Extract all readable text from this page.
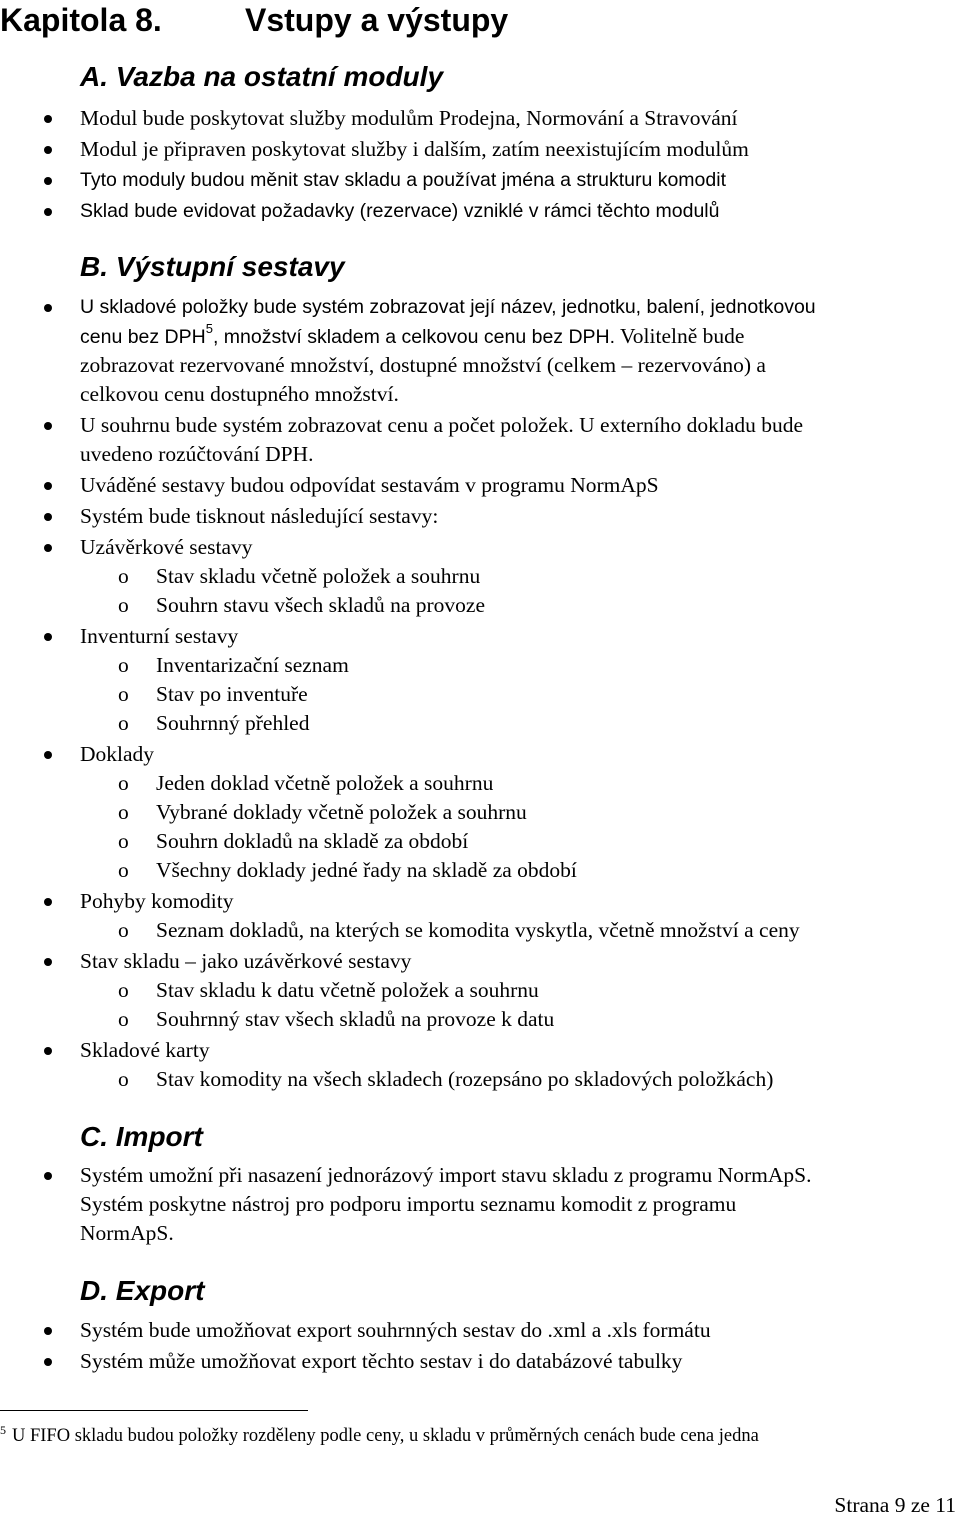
Kapitola 8.	Vstupy a výstupy
A. Vazba na ostatní moduly
Modul bude poskytovat služby modulům Prodejna, Normování a Stravování
Modul je připraven poskytovat služby i dalším, zatím neexistujícím modulům
Tyto moduly budou měnit stav skladu a používat jména a strukturu komodit
Sklad bude evidovat požadavky (rezervace) vzniklé v rámci těchto modulů
B. Výstupní sestavy
U skladové položky bude systém zobrazovat její název, jednotku, balení, jednotkovou
cenu bez DPH$^5$, množství skladem a celkovou cenu bez DPH. Volitelně bude
zobrazovat rezervované množství, dostupné množství (celkem – rezervováno) a
celkovou cenu dostupného množství.
U souhrnu bude systém zobrazovat cenu a počet položek. U externího dokladu bude
uvedeno rozúčtování DPH.
Uváděné sestavy budou odpovídat sestavám v programu NormApS
Systém bude tisknout následující sestavy:
Uzávěrkové sestavy
o Stav skladu včetně položek a souhrnu
o Souhrn stavu všech skladů na provoze
Inventurní sestavy
o Inventarizační seznam
o Stav po inventuře
o Souhrnný přehled
Doklady
o Jeden doklad včetně položek a souhrnu
o Vybrané doklady včetně položek a souhrnu
o Souhrn dokladů na skladě za období
o Všechny doklady jedné řady na skladě za období
Pohyby komodity
o Seznam dokladů, na kterých se komodita vyskytla, včetně množství a ceny
Stav skladu – jako uzávěrkové sestavy
o Stav skladu k datu včetně položek a souhrnu
o Souhrnný stav všech skladů na provoze k datu
Skladové karty
o Stav komodity na všech skladech (rozepsáno po skladových položkách)
C. Import
Systém umožní při nasazení jednorázový import stavu skladu z programu NormApS.
Systém poskytne nástroj pro podporu importu seznamu komodit z programu
NormApS.
D. Export
Systém bude umožňovat export souhrnných sestav do .xml a .xls formátu
Systém může umožňovat export těchto sestav i do databázové tabulky
$^5$ U FIFO skladu budou položky rozděleny podle ceny, u skladu v průměrných cenách bude cena jedna
Strana 9 ze 11
